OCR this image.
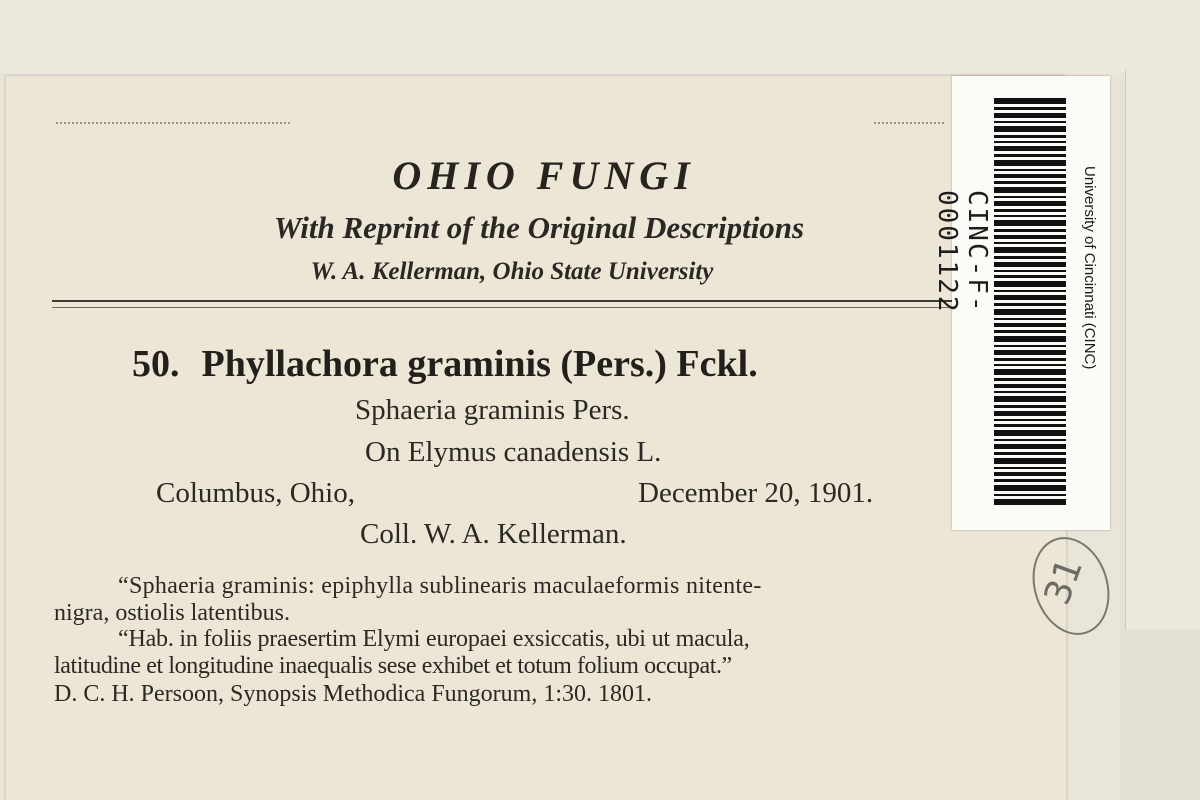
OHIO FUNGI
With Reprint of the Original Descriptions
W. A. Kellerman, Ohio State University
50. Phyllachora graminis (Pers.) Fckl.
Sphaeria graminis Pers.
On Elymus canadensis L.
Columbus, Ohio,	December 20, 1901.
Coll. W. A. Kellerman.
“Sphaeria graminis: epiphylla sublinearis maculaeformis nitente-
nigra, ostiolis latentibus.
“Hab. in foliis praesertim Elymi europaei exsiccatis, ubi ut macula,
latitudine et longitudine inaequalis sese exhibet et totum folium occupat.”
D. C. H. Persoon, Synopsis Methodica Fungorum, 1:30. 1801.
CINC-F-0001122	University of Cincinnati (CINC)
31
